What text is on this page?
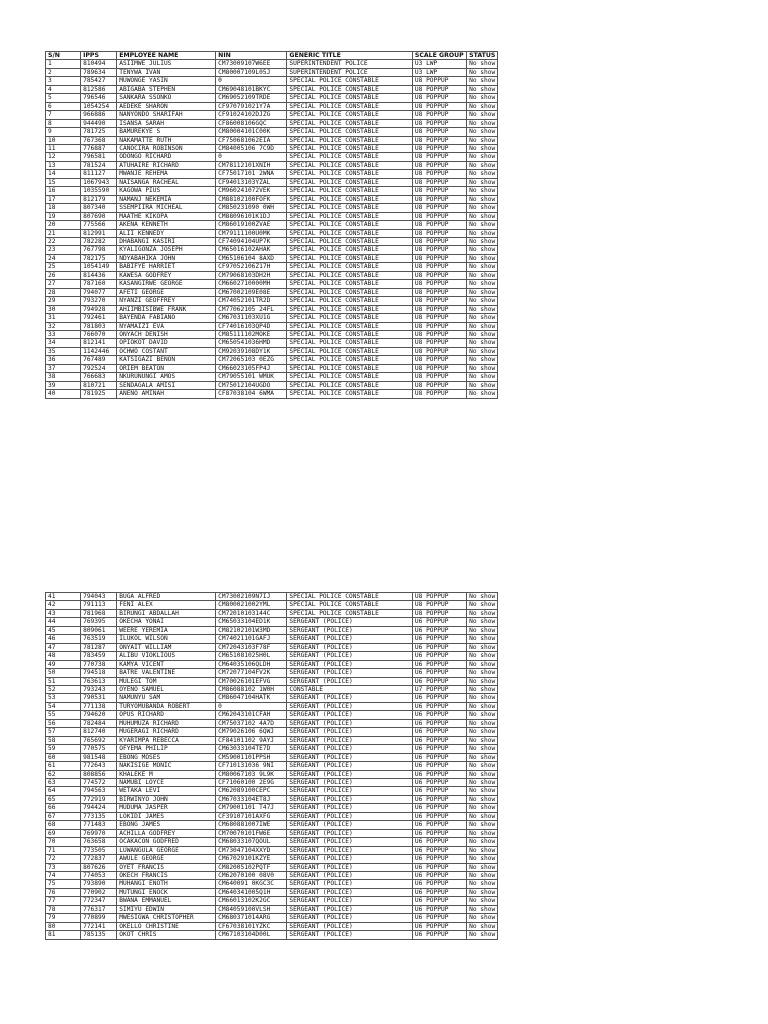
S/N	IPPS	EMPLOYEE NAME	NIN	GENERIC TITLE	SCALE GROUP	STATUS
1	810494	ASIIMWE JULIUS	CM73009107W6EE	SUPERINTENDENT POLICE	U3 LWP	No show
2	789634	TENYWA IVAN	CM80007109L05J	SUPERINTENDENT POLICE	U3 LWP	No show
3	785427	MUWONGE YASIN	0	SPECIAL POLICE CONSTABLE	U8 POPPUP	No show
4	812586	ABIGABA STEPHEN	CM69048101BKYC	SPECIAL POLICE CONSTABLE	U8 POPPUP	No show
5	796546	SANKARA SSONKO	CM69052109TRDE	SPECIAL POLICE CONSTABLE	U8 POPPUP	No show
6	1054254	AEDEKE SHARON	CF970791021Y7A	SPECIAL POLICE CONSTABLE	U8 POPPUP	No show
7	966886	NANYONDO SHARIFAH	CF91024102DJZG	SPECIAL POLICE CONSTABLE	U8 POPPUP	No show
8	944490	ISANSA SARAH	CF86008106GQC	SPECIAL POLICE CONSTABLE	U8 POPPUP	No show
9	781725	BAMUREKYE S	CM80004101C00K	SPECIAL POLICE CONSTABLE	U8 POPPUP	No show
10	767368	NAKAMATTE RUTH	CF750681062EIA	SPECIAL POLICE CONSTABLE	U8 POPPUP	No show
11	776887	CANOCIRA ROBINSON	CM84005106 7C9D	SPECIAL POLICE CONSTABLE	U8 POPPUP	No show
12	796581	ODONGO RICHARD	0	SPECIAL POLICE CONSTABLE	U8 POPPUP	No show
13	781524	ATUHAIRE RICHARD	CM78112101XNIH	SPECIAL POLICE CONSTABLE	U8 POPPUP	No show
14	811127	MWANJE REHEMA	CF75017101 2WNA	SPECIAL POLICE CONSTABLE	U8 POPPUP	No show
15	1067943	NAISANGA RACHEAL	CF94013103YZAL	SPECIAL POLICE CONSTABLE	U8 POPPUP	No show
16	1035590	KAGOWA PIUS	CM960241072VEK	SPECIAL POLICE CONSTABLE	U8 POPPUP	No show
17	812179	NAMANJ NEKEMIA	CM88102100FOFK	SPECIAL POLICE CONSTABLE	U8 POPPUP	No show
18	807340	SSEMPIIRA MICHEAL	CM850231090 0WH	SPECIAL POLICE CONSTABLE	U8 POPPUP	No show
19	807690	MAATHE KIKOPA	CM88096101K1DJ	SPECIAL POLICE CONSTABLE	U8 POPPUP	No show
20	775566	AKENA KENNETH	CM86019100ZVAE	SPECIAL POLICE CONSTABLE	U8 POPPUP	No show
21	812991	ALII KENNEDY	CM79111100U0MK	SPECIAL POLICE CONSTABLE	U8 POPPUP	No show
22	782282	DHABANGI KASIRI	CF74094104UP7K	SPECIAL POLICE CONSTABLE	U8 POPPUP	No show
23	767798	KYALIGONZA JOSEPH	CM65016102AHAK	SPECIAL POLICE CONSTABLE	U8 POPPUP	No show
24	782175	NDYABAHIKA JOHN	CM65106104 8AXD	SPECIAL POLICE CONSTABLE	U8 POPPUP	No show
25	1054149	BABIFYE HARRIET	CF97052106Z17H	SPECIAL POLICE CONSTABLE	U8 POPPUP	No show
26	814436	KAWESA GODFREY	CM79068103DH2H	SPECIAL POLICE CONSTABLE	U8 POPPUP	No show
27	787160	KASANGIRWE GEORGE	CM6602710000MH	SPECIAL POLICE CONSTABLE	U8 POPPUP	No show
28	794077	AFETI GEORGE	CM67002109E08E	SPECIAL POLICE CONSTABLE	U8 POPPUP	No show
29	793270	NYANZI GEOFFREY	CM74052101TR2D	SPECIAL POLICE CONSTABLE	U8 POPPUP	No show
30	794928	AHIIMBISIBWE FRANK	CM77062105 24FL	SPECIAL POLICE CONSTABLE	U8 POPPUP	No show
31	792461	BAYENDA FABIANO	CM67031103XU1G	SPECIAL POLICE CONSTABLE	U8 POPPUP	No show
32	781803	NYAMAIZI EVA	CF74016103QP4D	SPECIAL POLICE CONSTABLE	U8 POPPUP	No show
33	766070	ONYACH DENISH	CM85111102MOKE	SPECIAL POLICE CONSTABLE	U8 POPPUP	No show
34	812141	OPIOKOT DAVID	CM650541036HMD	SPECIAL POLICE CONSTABLE	U8 POPPUP	No show
35	1142446	OCHWO COSTANT	CM92039108DY1K	SPECIAL POLICE CONSTABLE	U8 POPPUP	No show
36	767489	KATSIGAZI BENON	CM72065103 0EZG	SPECIAL POLICE CONSTABLE	U8 POPPUP	No show
37	792524	ORIEM BEATON	CM66023105FP4J	SPECIAL POLICE CONSTABLE	U8 POPPUP	No show
38	766683	NKURUNUNGI AMOS	CM79055101 WMUK	SPECIAL POLICE CONSTABLE	U8 POPPUP	No show
39	810721	SENDAGALA AMISI	CM75012104UGDO	SPECIAL POLICE CONSTABLE	U8 POPPUP	No show
40	781925	ANENO AMINAH	CF87038104 6WMA	SPECIAL POLICE CONSTABLE	U8 POPPUP	No show
41	794043	BUGA ALFRED	CM73002109N7IJ	SPECIAL POLICE CONSTABLE	U8 POPPUP	No show
42	791113	FENI ALEX	CM800021002YML	SPECIAL POLICE CONSTABLE	U8 POPPUP	No show
43	781968	BIRUNGI ABDALLAH	CM72010103144C	SPECIAL POLICE CONSTABLE	U8 POPPUP	No show
44	769395	OKECHA YONAI	CM65033104ED1K	SERGEANT (POLICE)	U6 POPPUP	No show
45	809061	WEERE YEREMIA	CM82102101W3MD	SERGEANT (POLICE)	U6 POPPUP	No show
46	763519	ILUKOL WILSON	CM74021101GAFJ	SERGEANT (POLICE)	U6 POPPUP	No show
47	781287	ONYAIT WILLIAM	CM72043103F78F	SERGEANT (POLICE)	U6 POPPUP	No show
48	783459	ALIBU VIOKLIOUS	CM651081025H0L	SERGEANT (POLICE)	U6 POPPUP	No show
49	770738	KAMYA VICENT	CM64035106QLDH	SERGEANT (POLICE)	U6 POPPUP	No show
50	794518	BATRE VALENTINE	CM72077104FV2K	SERGEANT (POLICE)	U6 POPPUP	No show
51	763613	MULEGI TOM	CM70026101EFVG	SERGEANT (POLICE)	U6 POPPUP	No show
52	793243	OYENO SAMUEL	CM86088102 1W0H	CONSTABLE	U7 POPPUP	No show
53	790531	NAMUNYU SAM	CM86047104HATK	SERGEANT (POLICE)	U6 POPPUP	No show
54	771138	TURYOMUBANDA ROBERT	0	SERGEANT (POLICE)	U6 POPPUP	No show
55	794620	OPUS RICHARD	CM62043101CFAH	SERGEANT (POLICE)	U6 POPPUP	No show
56	782484	MUHUMUZA RICHARD	CM75037102 4A7D	SERGEANT (POLICE)	U6 POPPUP	No show
57	812740	MUGERAGI RICHARD	CM79026106 6QWJ	SERGEANT (POLICE)	U6 POPPUP	No show
58	765692	KYARIMPA REBECCA	CF84101102 9AYJ	SERGEANT (POLICE)	U6 POPPUP	No show
59	770575	OFYEMA PHILIP	CM63033104TE7D	SERGEANT (POLICE)	U6 POPPUP	No show
60	981548	EBONG MOSES	CM59001101PPSH	SERGEANT (POLICE)	U6 POPPUP	No show
61	772643	NAKISIGE MONIC	CF710131036 9NI	SERGEANT (POLICE)	U6 POPPUP	No show
62	808856	KHALEKE M	CM80067103 9L9K	SERGEANT (POLICE)	U6 POPPUP	No show
63	774572	NAMUBI LOYCE	CF71060100 2E9G	SERGEANT (POLICE)	U6 POPPUP	No show
64	794563	WETAKA LEVI	CM62089100CEPC	SERGEANT (POLICE)	U6 POPPUP	No show
65	772919	BIRWINYO JOHN	CM67033104ET8J	SERGEANT (POLICE)	U6 POPPUP	No show
66	794424	MUDUMA JASPER	CM79001101 T47J	SERGEANT (POLICE)	U6 POPPUP	No show
67	773135	LOKIDI JAMES	CF39107101AXFG	SERGEANT (POLICE)	U6 POPPUP	No show
68	771483	EBONG JAMES	CM680881007IWE	SERGEANT (POLICE)	U6 POPPUP	No show
69	769970	ACHILLA GODFREY	CM70070101FW6E	SERGEANT (POLICE)	U6 POPPUP	No show
70	763658	OCAKACON GODFRED	CM68033107QOUL	SERGEANT (POLICE)	U6 POPPUP	No show
71	773505	LUWANGULA GEORGE	CM73047104XXYD	SERGEANT (POLICE)	U6 POPPUP	No show
72	772837	AWULE GEORGE	CM67029101KZYE	SERGEANT (POLICE)	U6 POPPUP	No show
73	807626	OYET FRANCIS	CM82005102PQTF	SERGEANT (POLICE)	U6 POPPUP	No show
74	774053	OKECH FRANCIS	CM62070100 08V0	SERGEANT (POLICE)	U6 POPPUP	No show
75	793890	MUHANGI ENOTH	CM640091 0KGC3C	SERGEANT (POLICE)	U6 POPPUP	No show
76	770902	MUTUNGI ENOCK	CM640341005Q1H	SERGEANT (POLICE)	U6 POPPUP	No show
77	772347	BWANA EMMANUEL	CM66013102K2GC	SERGEANT (POLICE)	U6 POPPUP	No show
78	776317	SIMIYU EDWIN	CM84059100VLSH	SERGEANT (POLICE)	U6 POPPUP	No show
79	770899	MWESIGWA CHRISTOPHER	CM680371014ARG	SERGEANT (POLICE)	U6 POPPUP	No show
80	772141	OKELLO CHRISTINE	CF67038101YZKC	SERGEANT (POLICE)	U6 POPPUP	No show
81	785135	OKOT CHRIS	CM67103104D00L	SERGEANT (POLICE)	U6 POPPUP	No show
